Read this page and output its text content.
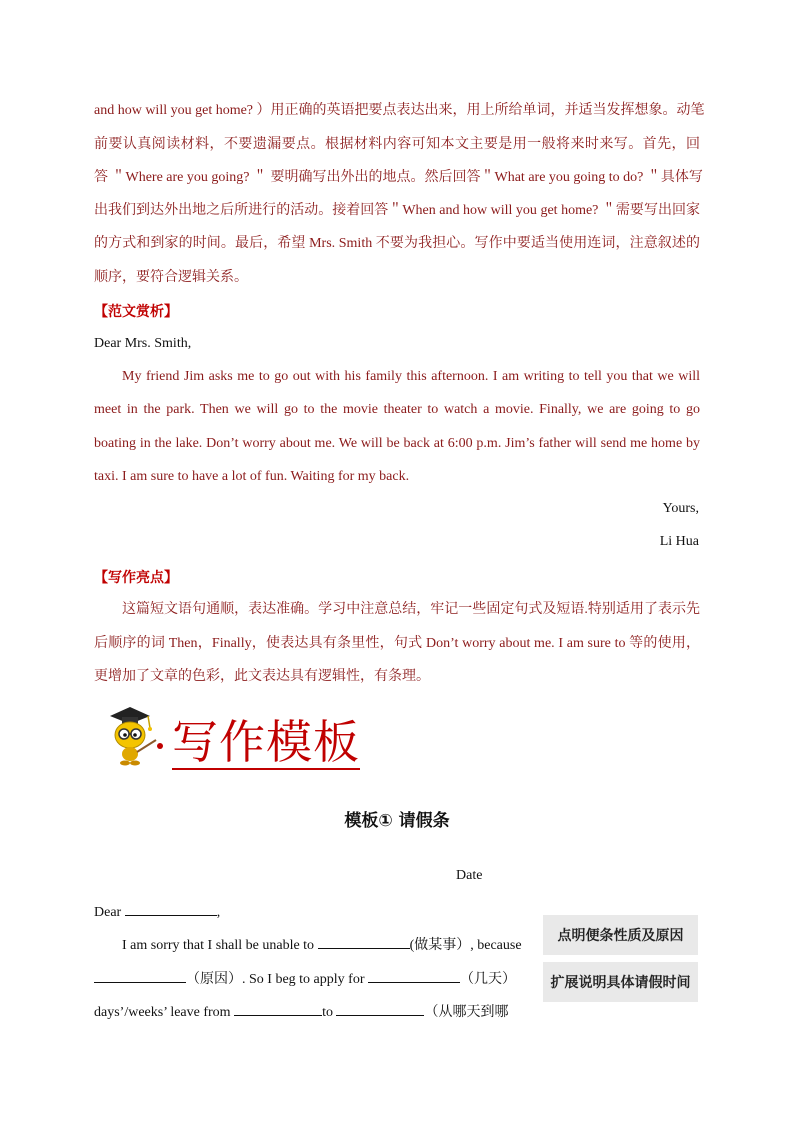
and how will you get home? ）用正确的英语把要点表达出来，用上所给单词，并适当发挥想象。动笔
前要认真阅读材料，不要遗漏要点。根据材料内容可知本文主要是用一般将来时来写。首先，回
答 ＂Where are you going? ＂ 要明确写出外出的地点。然后回答＂What are you going to do? ＂具体写
出我们到达外出地之后所进行的活动。接着回答＂When and how will you get home? ＂需要写出回家
的方式和到家的时间。最后，希望 Mrs. Smith 不要为我担心。写作中要适当使用连词，注意叙述的
顺序，要符合逻辑关系。
【范文赏析】
Dear Mrs. Smith,
My friend Jim asks me to go out with his family this afternoon. I am writing to tell you that we will
meet in the park. Then we will go to the movie theater to watch a movie. Finally, we are going to go
boating in the lake. Don’t worry about me. We will be back at 6:00 p.m. Jim’s father will send me home by
taxi. I am sure to have a lot of fun. Waiting for my back.
Yours,
Li Hua
【写作亮点】
这篇短文语句通顺，表达准确。学习中注意总结，牢记一些固定句式及短语.特别适用了表示先
后顺序的词 Then，Finally，使表达具有条里性，句式 Don’t worry about me. I am sure to 等的使用，
更增加了文章的色彩，此文表达具有逻辑性，有条理。
写作模板
模板① 请假条
Date
Dear	,
I am sorry that I shall be unable to	(做某事）, because
（原因）. So I beg to apply for	（几天）
days’/weeks’ leave from	to	（从哪天到哪
点明便条性质及原因
扩展说明具体请假时间
